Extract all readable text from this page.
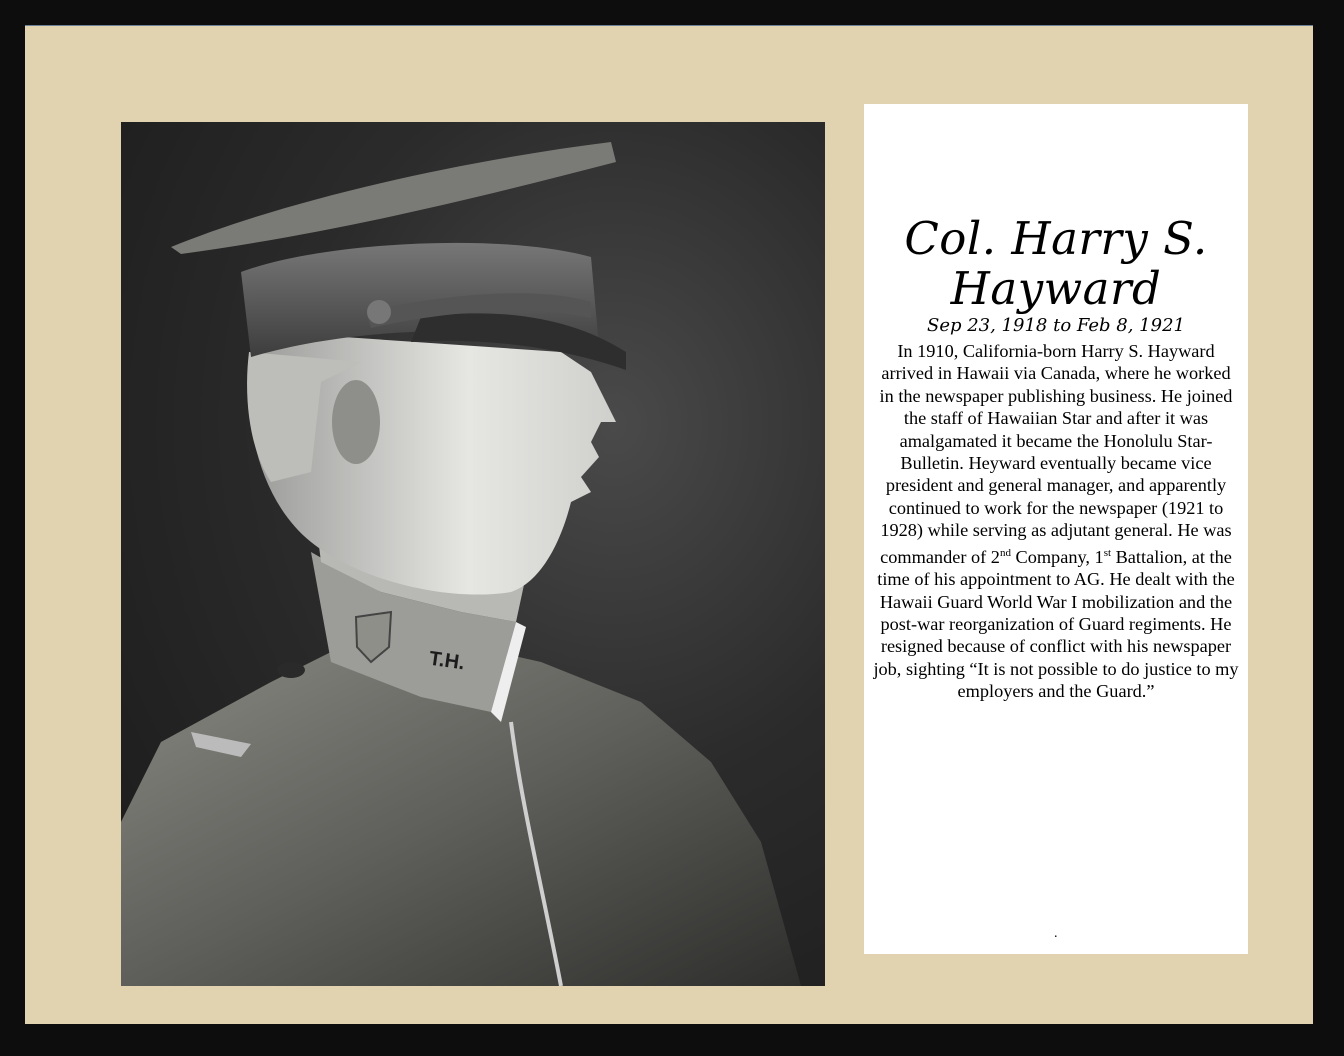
T.H.
Col. Harry S.
Hayward
Sep 23, 1918 to Feb 8, 1921
In 1910, California-born Harry S. Hayward arrived in Hawaii via Canada, where he worked in the newspaper publishing business. He joined the staff of Hawaiian Star and after it was amalgamated it became the Honolulu Star-Bulletin. Heyward eventually became vice president and general manager, and apparently continued to work for the newspaper (1921 to 1928) while serving as adjutant general. He was commander of 2nd Company, 1st Battalion, at the time of his appointment to AG. He dealt with the Hawaii Guard World War I mobilization and the post-war reorganization of Guard regiments. He resigned because of conflict with his newspaper job, sighting “It is not possible to do justice to my employers and the Guard.”
.
